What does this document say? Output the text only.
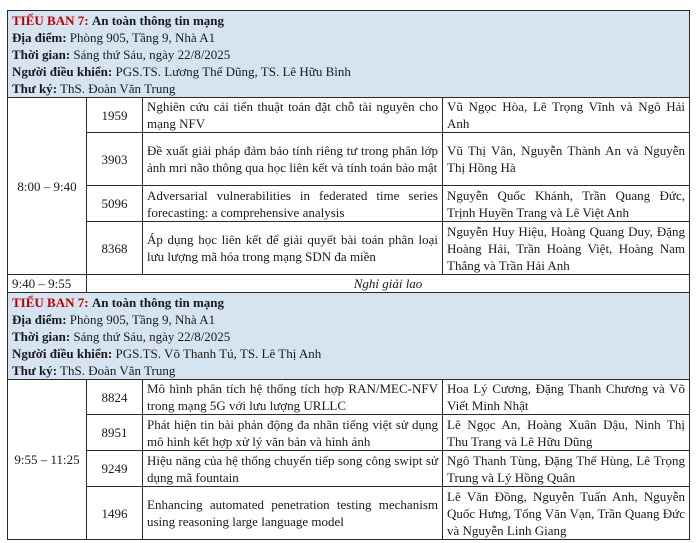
TIỂU BAN 7: An toàn thông tin mạng
Địa điểm: Phòng 905, Tầng 9, Nhà A1
Thời gian: Sáng thứ Sáu, ngày 22/8/2025
Người điều khiển: PGS.TS. Lương Thế Dũng, TS. Lê Hữu Bình
Thư ký: ThS. Đoàn Văn Trung			

8:00 – 9:40	1959	Nghiên cứu cải tiến thuật toán đặt chỗ tài nguyên cho mạng NFV	Vũ Ngọc Hòa, Lê Trọng Vĩnh và Ngô Hải Anh
	3903	Đề xuất giải pháp đảm bảo tính riêng tư trong phân lớp ảnh mri não thông qua học liên kết và tính toán bảo mật	Vũ Thị Vân, Nguyễn Thành An và Nguyễn Thị Hồng Hà
	5096	Adversarial vulnerabilities in federated time series forecasting: a comprehensive analysis	Nguyễn Quốc Khánh, Trần Quang Đức, Trịnh Huyền Trang và Lê Việt Anh
	8368	Áp dụng học liên kết để giải quyết bài toán phân loại lưu lượng mã hóa trong mạng SDN đa miền	Nguyễn Huy Hiệu, Hoàng Quang Duy, Đặng Hoàng Hải, Trần Hoàng Việt, Hoàng Nam Thắng và Trần Hải Anh
9:40 – 9:55	Nghỉ giải lao		

TIỂU BAN 7: An toàn thông tin mạng
Địa điểm: Phòng 905, Tầng 9, Nhà A1
Thời gian: Sáng thứ Sáu, ngày 22/8/2025
Người điều khiển: PGS.TS. Võ Thanh Tú, TS. Lê Thị Anh
Thư ký: ThS. Đoàn Văn Trung			

9:55 – 11:25	8824	Mô hình phân tích hệ thống tích hợp RAN/MEC-NFV trong mạng 5G với lưu lượng URLLC	Hoa Lý Cương, Đặng Thanh Chương và Võ Viết Minh Nhật
	8951	Phát hiện tin bài phản động đa nhãn tiếng việt sử dụng mô hình kết hợp xử lý văn bản và hình ảnh	Lê Ngọc An, Hoàng Xuân Dậu, Ninh Thị Thu Trang và Lê Hữu Dũng
	9249	Hiệu năng của hệ thống chuyển tiếp song công swipt sử dụng mã fountain	Ngô Thanh Tùng, Đặng Thế Hùng, Lê Trọng Trung và Lý Hồng Quân
	1496	Enhancing automated penetration testing mechanism using reasoning large language model	Lê Văn Đồng, Nguyễn Tuấn Anh, Nguyễn Quốc Hưng, Tống Văn Vạn, Trần Quang Đức và Nguyễn Linh Giang
